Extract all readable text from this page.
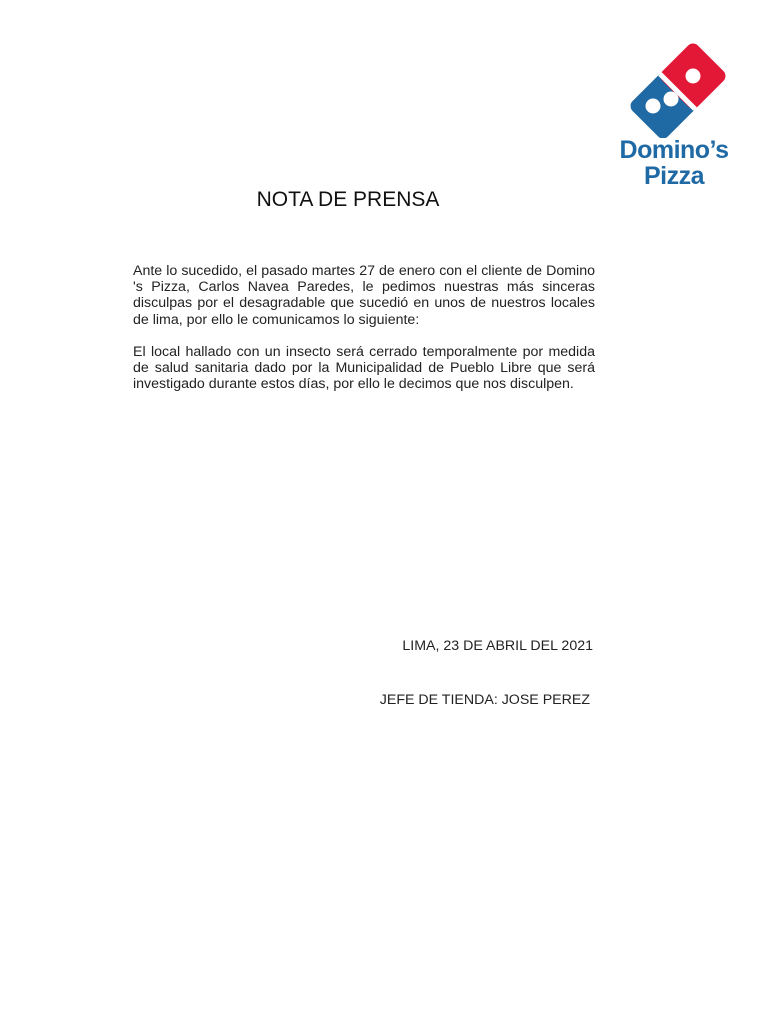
Domino’s
Pizza
NOTA DE PRENSA

Ante lo sucedido, el pasado martes 27 de enero con el cliente de Domino 's Pizza, Carlos Navea Paredes, le pedimos nuestras más sinceras disculpas por el desagradable que sucedió en unos de nuestros locales de lima, por ello le comunicamos lo siguiente:

El local hallado con un insecto será cerrado temporalmente por medida de salud sanitaria dado por la Municipalidad de Pueblo Libre que será investigado durante estos días, por ello le decimos que nos disculpen.

LIMA, 23 DE ABRIL DEL 2021
JEFE DE TIENDA: JOSE PEREZ
